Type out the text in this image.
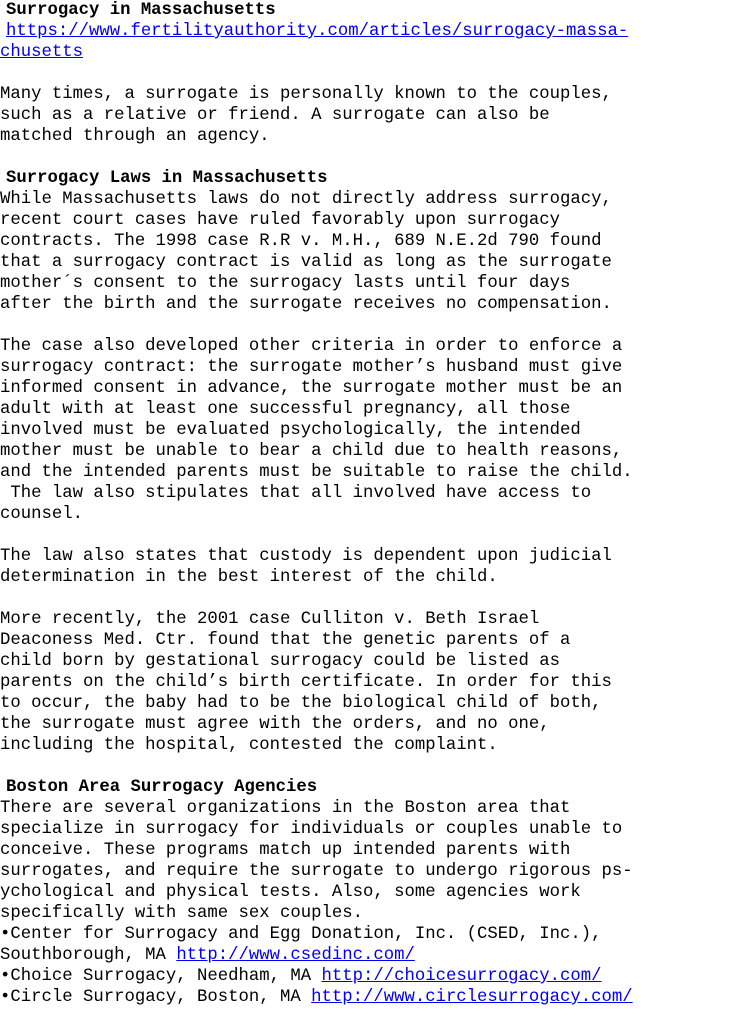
Surrogacy in Massachusetts
https://www.fertilityauthority.com/articles/surrogacy-massa-
chusetts
Many times, a surrogate is personally known to the couples,
such as a relative or friend. A surrogate can also be
matched through an agency.
Surrogacy Laws in Massachusetts
While Massachusetts laws do not directly address surrogacy,
recent court cases have ruled favorably upon surrogacy
contracts. The 1998 case R.R v. M.H., 689 N.E.2d 790 found
that a surrogacy contract is valid as long as the surrogate
mother´s consent to the surrogacy lasts until four days
after the birth and the surrogate receives no compensation.
The case also developed other criteria in order to enforce a
surrogacy contract: the surrogate mother’s husband must give
informed consent in advance, the surrogate mother must be an
adult with at least one successful pregnancy, all those
involved must be evaluated psychologically, the intended
mother must be unable to bear a child due to health reasons,
and the intended parents must be suitable to raise the child.
The law also stipulates that all involved have access to
counsel.
The law also states that custody is dependent upon judicial
determination in the best interest of the child.
More recently, the 2001 case Culliton v. Beth Israel
Deaconess Med. Ctr. found that the genetic parents of a
child born by gestational surrogacy could be listed as
parents on the child’s birth certificate. In order for this
to occur, the baby had to be the biological child of both,
the surrogate must agree with the orders, and no one,
including the hospital, contested the complaint.
Boston Area Surrogacy Agencies
There are several organizations in the Boston area that
specialize in surrogacy for individuals or couples unable to
conceive. These programs match up intended parents with
surrogates, and require the surrogate to undergo rigorous ps-
ychological and physical tests. Also, some agencies work
specifically with same sex couples.
•Center for Surrogacy and Egg Donation, Inc. (CSED, Inc.),
Southborough, MA http://www.csedinc.com/
•Choice Surrogacy, Needham, MA http://choicesurrogacy.com/
•Circle Surrogacy, Boston, MA http://www.circlesurrogacy.com/
